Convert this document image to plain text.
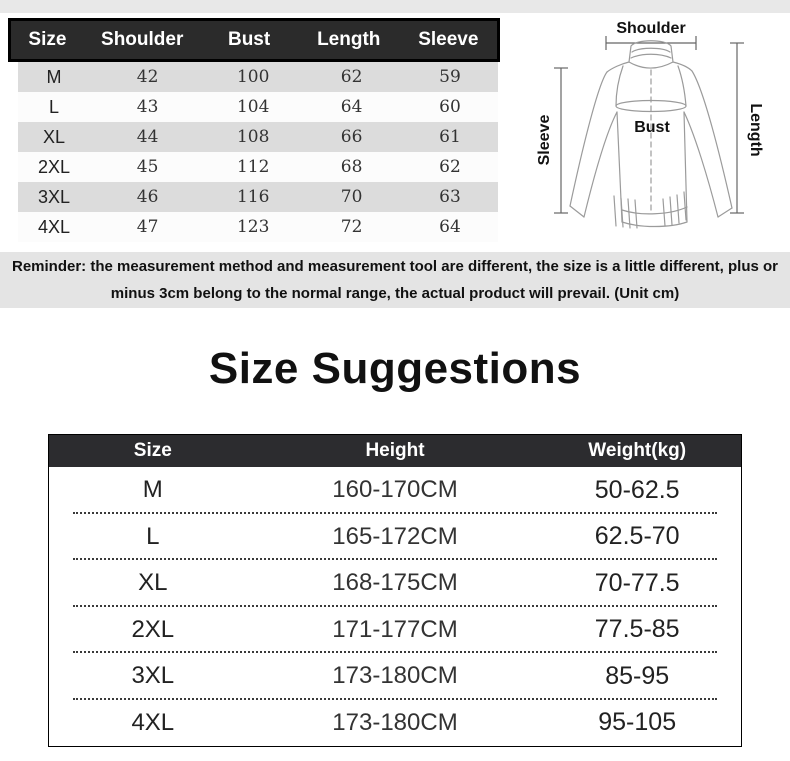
Size	Shoulder	Bust	Length	Sleeve
M	42	100	62	59
L	43	104	64	60
XL	44	108	66	61
2XL	45	112	68	62
3XL	46	116	70	63
4XL	47	123	72	64
Shoulder
Bust
Sleeve	Length
Reminder: the measurement method and measurement tool are different, the size is a little different, plus or
minus 3cm belong to the normal range, the actual product will prevail. (Unit cm)
Size Suggestions
Size	Height	Weight(kg)
M	160-170CM	50-62.5
L	165-172CM	62.5-70
XL	168-175CM	70-77.5
2XL	171-177CM	77.5-85
3XL	173-180CM	85-95
4XL	173-180CM	95-105
